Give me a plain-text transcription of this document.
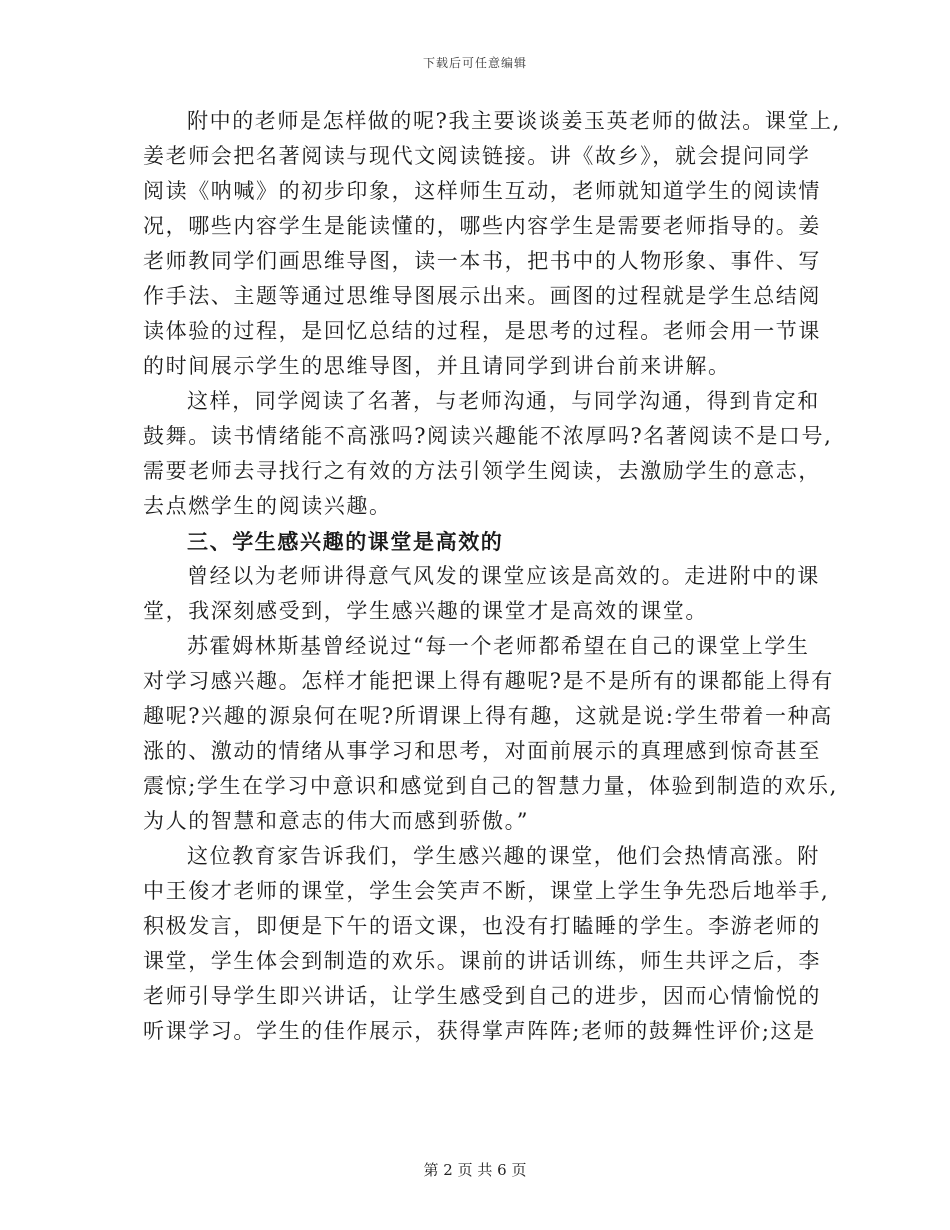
下载后可任意编辑
附中的老师是怎样做的呢?我主要谈谈姜玉英老师的做法。课堂上,
姜老师会把名著阅读与现代文阅读链接。讲《故乡》，就会提问同学
阅读《呐喊》的初步印象，这样师生互动，老师就知道学生的阅读情
况，哪些内容学生是能读懂的，哪些内容学生是需要老师指导的。姜
老师教同学们画思维导图，读一本书，把书中的人物形象、事件、写
作手法、主题等通过思维导图展示出来。画图的过程就是学生总结阅
读体验的过程，是回忆总结的过程，是思考的过程。老师会用一节课
的时间展示学生的思维导图，并且请同学到讲台前来讲解。
这样，同学阅读了名著，与老师沟通，与同学沟通，得到肯定和
鼓舞。读书情绪能不高涨吗?阅读兴趣能不浓厚吗?名著阅读不是口号,
需要老师去寻找行之有效的方法引领学生阅读，去激励学生的意志，
去点燃学生的阅读兴趣。
三、学生感兴趣的课堂是高效的
曾经以为老师讲得意气风发的课堂应该是高效的。走进附中的课
堂，我深刻感受到，学生感兴趣的课堂才是高效的课堂。
苏霍姆林斯基曾经说过“每一个老师都希望在自己的课堂上学生
对学习感兴趣。怎样才能把课上得有趣呢?是不是所有的课都能上得有
趣呢?兴趣的源泉何在呢?所谓课上得有趣，这就是说:学生带着一种高
涨的、激动的情绪从事学习和思考，对面前展示的真理感到惊奇甚至
震惊;学生在学习中意识和感觉到自己的智慧力量，体验到制造的欢乐,
为人的智慧和意志的伟大而感到骄傲。”
这位教育家告诉我们，学生感兴趣的课堂，他们会热情高涨。附
中王俊才老师的课堂，学生会笑声不断，课堂上学生争先恐后地举手,
积极发言，即便是下午的语文课，也没有打瞌睡的学生。李游老师的
课堂，学生体会到制造的欢乐。课前的讲话训练，师生共评之后，李
老师引导学生即兴讲话，让学生感受到自己的进步，因而心情愉悦的
听课学习。学生的佳作展示，获得掌声阵阵;老师的鼓舞性评价;这是
第 2 页 共 6 页
